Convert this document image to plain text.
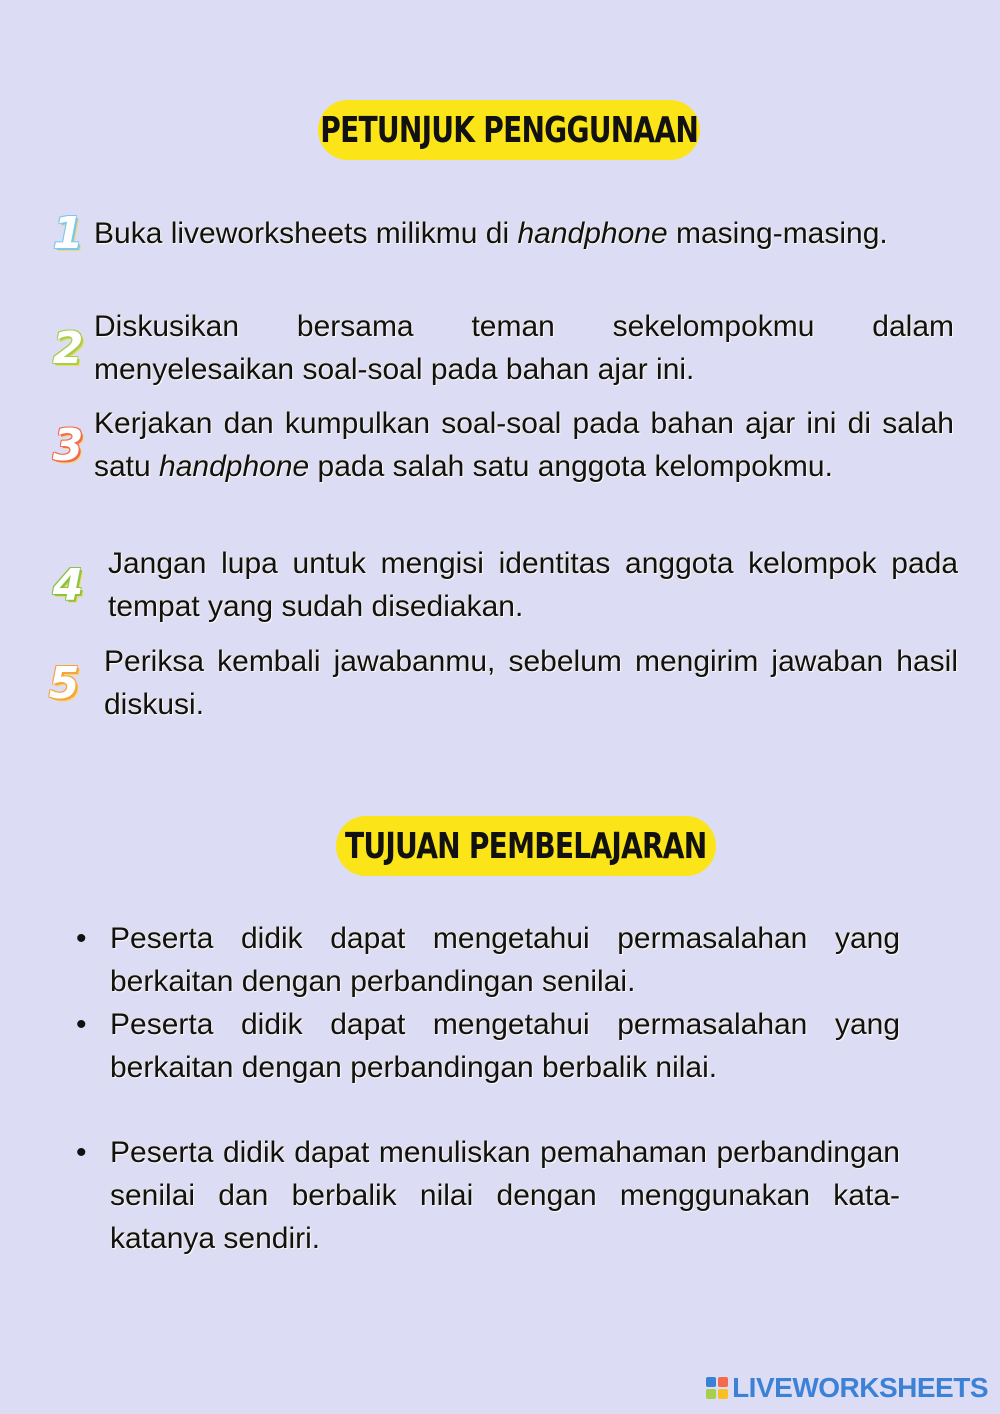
PETUNJUK PENGGUNAAN
1 Buka liveworksheets milikmu di handphone masing-masing.
2 Diskusikan bersama teman sekelompokmu dalam menyelesaikan soal-soal pada bahan ajar ini.
3 Kerjakan dan kumpulkan soal-soal pada bahan ajar ini di salah satu handphone pada salah satu anggota kelompokmu.
4 Jangan lupa untuk mengisi identitas anggota kelompok pada tempat yang sudah disediakan.
5 Periksa kembali jawabanmu, sebelum mengirim jawaban hasil diskusi.
TUJUAN PEMBELAJARAN
• Peserta didik dapat mengetahui permasalahan yang berkaitan dengan perbandingan senilai.
• Peserta didik dapat mengetahui permasalahan yang berkaitan dengan perbandingan berbalik nilai.
• Peserta didik dapat menuliskan pemahaman perbandingan senilai dan berbalik nilai dengan menggunakan kata-katanya sendiri.
LIVEWORKSHEETS
